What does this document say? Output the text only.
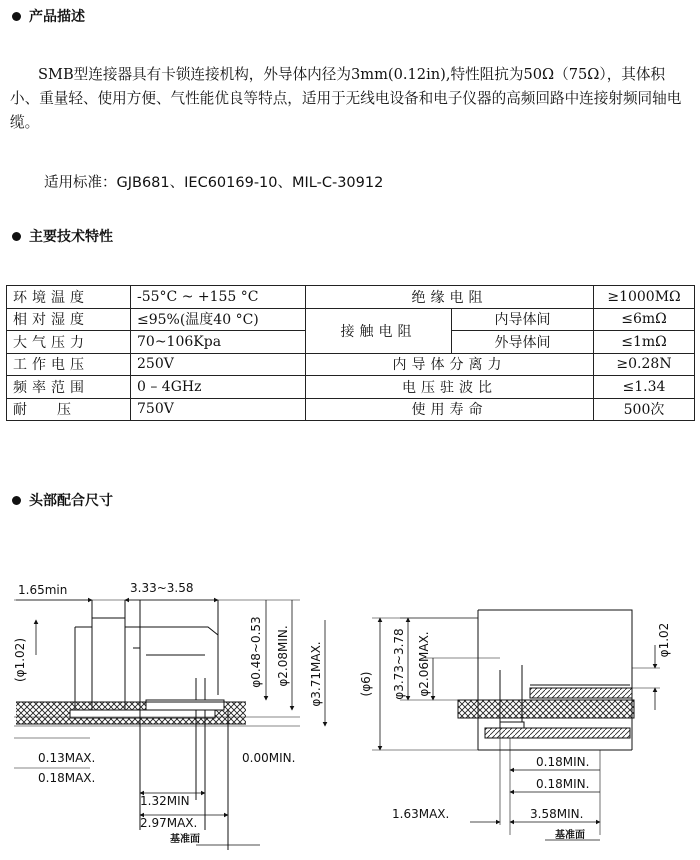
产品描述

SMB型连接器具有卡锁连接机构，外导体内径为3mm(0.12in),特性阻抗为50Ω（75Ω），其体积小、重量轻、使用方便、气性能优良等特点，适用于无线电设备和电子仪器的高频回路中连接射频同轴电缆。

适用标准：GJB681、IEC60169-10、MIL-C-30912
主要技术特性
环境温度	-55°C ~ +155 °C	绝缘电阻		≥1000MΩ
相对湿度	≤95%(温度40 °C)	接触电阻	内导体间	≤6mΩ
大气压力	70~106Kpa		外导体间	≤1mΩ
工作电压	250V	内导体分离力		≥0.28N
频率范围	0 – 4GHz	电压驻波比		≤1.34
耐压	750V	使用寿命		500次
头部配合尺寸
1.65min	3.33~3.58
(φ1.02)	φ0.48~0.53 φ2.08MIN. φ3.71MAX.
0.13MAX.
0.18MAX.
0.00MIN.
1.32MIN
2.97MAX.
基准面
(φ6) φ3.73~3.78 φ2.06MAX.	φ1.02
0.18MIN.
0.18MIN.
1.63MAX.	3.58MIN.
基准面
